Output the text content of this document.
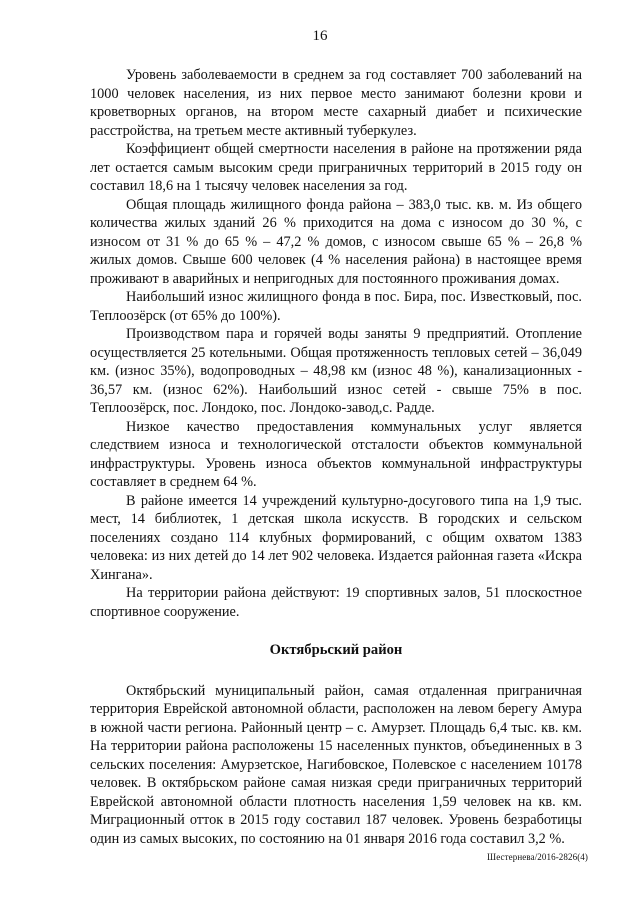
16

Уровень заболеваемости в среднем за год составляет 700 заболеваний на 1000 человек населения, из них первое место занимают болезни крови и кроветворных органов, на втором месте сахарный диабет и психические расстройства, на третьем месте активный туберкулез.

Коэффициент общей смертности населения в районе на протяжении ряда лет остается самым высоким среди приграничных территорий в 2015 году он составил 18,6 на 1 тысячу человек населения за год.

Общая площадь жилищного фонда района – 383,0 тыс. кв. м. Из общего количества жилых зданий 26 % приходится на дома с износом до 30 %, с износом от 31 % до 65 % – 47,2 % домов, с износом свыше 65 % – 26,8 % жилых домов. Свыше 600 человек (4 % населения района) в настоящее время проживают в аварийных и непригодных для постоянного проживания домах.

Наибольший износ жилищного фонда в пос. Бира, пос. Известковый, пос. Теплоозёрск (от 65% до 100%).

Производством пара и горячей воды заняты 9 предприятий. Отопление осуществляется 25 котельными. Общая протяженность тепловых сетей – 36,049 км. (износ 35%), водопроводных – 48,98 км (износ 48 %), канализационных - 36,57 км. (износ 62%). Наибольший износ сетей - свыше 75% в пос. Теплоозёрск, пос. Лондоко, пос. Лондоко-завод,с. Радде.

Низкое качество предоставления коммунальных услуг является следствием износа и технологической отсталости объектов коммунальной инфраструктуры. Уровень износа объектов коммунальной инфраструктуры составляет в среднем 64 %.

В районе имеется 14 учреждений культурно-досугового типа на 1,9 тыс. мест, 14 библиотек, 1 детская школа искусств. В городских и сельском поселениях создано 114 клубных формирований, с общим охватом 1383 человека: из них детей до 14 лет 902 человека. Издается районная газета «Искра Хингана».

На территории района действуют: 19 спортивных залов, 51 плоскостное спортивное сооружение.

Октябрьский район

Октябрьский муниципальный район, самая отдаленная приграничная территория Еврейской автономной области, расположен на левом берегу Амура в южной части региона. Районный центр – с. Амурзет. Площадь 6,4 тыс. кв. км. На территории района расположены 15 населенных пунктов, объединенных в 3 сельских поселения: Амурзетское, Нагибовское, Полевское с населением 10178 человек. В октябрьском районе самая низкая среди приграничных территорий Еврейской автономной области плотность населения 1,59 человек на кв. км. Миграционный отток в 2015 году составил 187 человек. Уровень безработицы один из самых высоких, по состоянию на 01 января 2016 года составил 3,2 %.

Шестернева/2016-2826(4)
